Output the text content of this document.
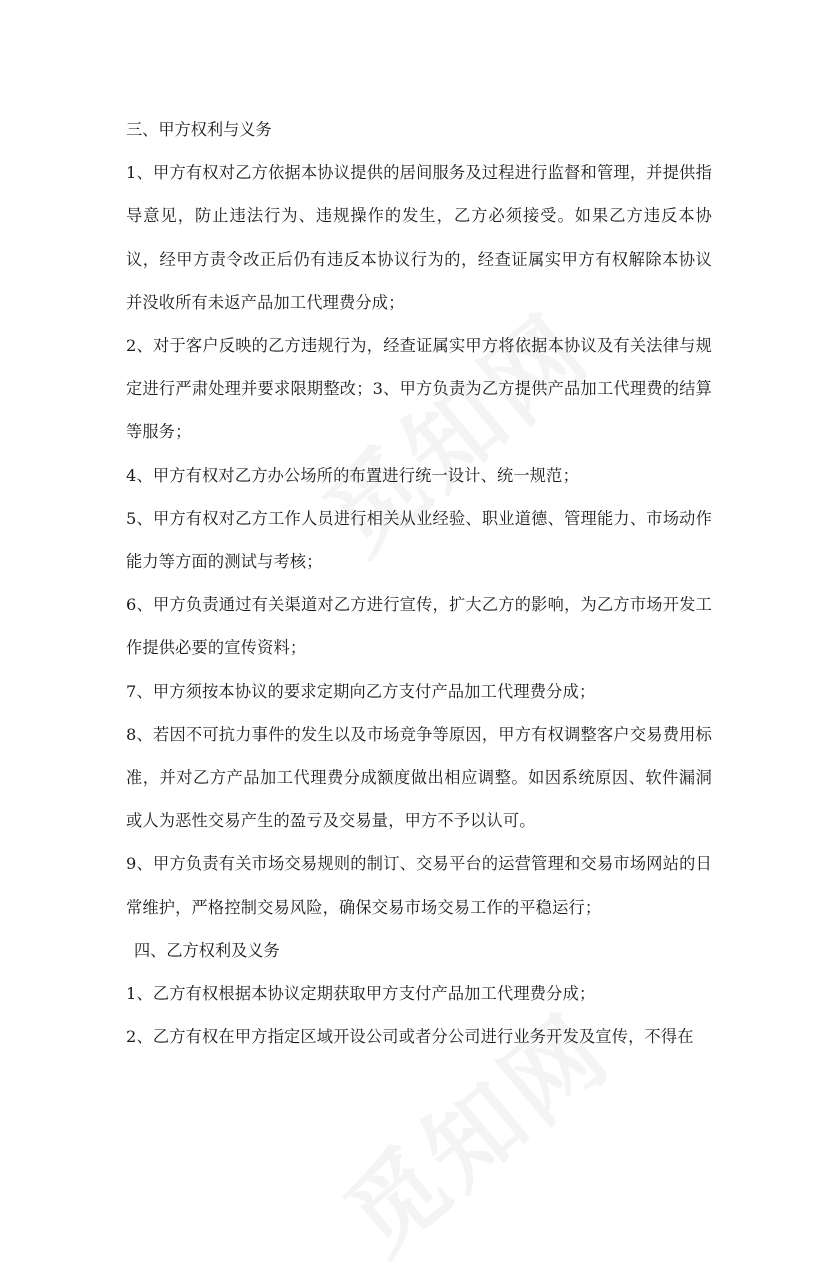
三、甲方权利与义务

1、甲方有权对乙方依据本协议提供的居间服务及过程进行监督和管理，并提供指导意见，防止违法行为、违规操作的发生，乙方必须接受。如果乙方违反本协议，经甲方责令改正后仍有违反本协议行为的，经查证属实甲方有权解除本协议并没收所有未返产品加工代理费分成；

2、对于客户反映的乙方违规行为，经查证属实甲方将依据本协议及有关法律与规定进行严肃处理并要求限期整改；3、甲方负责为乙方提供产品加工代理费的结算等服务；

4、甲方有权对乙方办公场所的布置进行统一设计、统一规范；

5、甲方有权对乙方工作人员进行相关从业经验、职业道德、管理能力、市场动作能力等方面的测试与考核；

6、甲方负责通过有关渠道对乙方进行宣传，扩大乙方的影响，为乙方市场开发工作提供必要的宣传资料；

7、甲方须按本协议的要求定期向乙方支付产品加工代理费分成；

8、若因不可抗力事件的发生以及市场竞争等原因，甲方有权调整客户交易费用标准，并对乙方产品加工代理费分成额度做出相应调整。如因系统原因、软件漏洞或人为恶性交易产生的盈亏及交易量，甲方不予以认可。

9、甲方负责有关市场交易规则的制订、交易平台的运营管理和交易市场网站的日常维护，严格控制交易风险，确保交易市场交易工作的平稳运行；

四、乙方权利及义务

1、乙方有权根据本协议定期获取甲方支付产品加工代理费分成；

2、乙方有权在甲方指定区域开设公司或者分公司进行业务开发及宣传，不得在
